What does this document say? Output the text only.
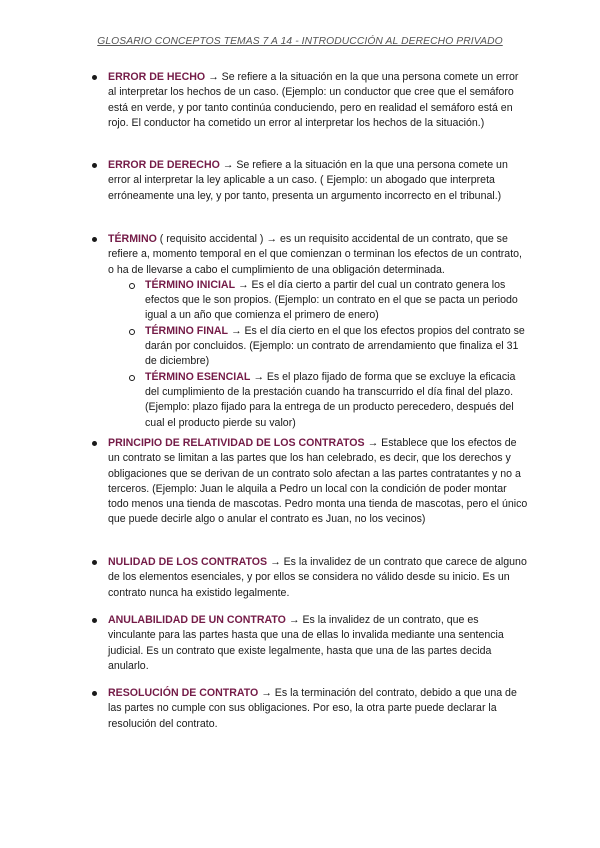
GLOSARIO CONCEPTOS TEMAS 7 A 14 - INTRODUCCIÓN AL DERECHO PRIVADO
ERROR DE HECHO → Se refiere a la situación en la que una persona comete un error al interpretar los hechos de un caso. (Ejemplo: un conductor que cree que el semáforo está en verde, y por tanto continúa conduciendo, pero en realidad el semáforo está en rojo. El conductor ha cometido un error al interpretar los hechos de la situación.)
ERROR DE DERECHO → Se refiere a la situación en la que una persona comete un error al interpretar la ley aplicable a un caso. ( Ejemplo: un abogado que interpreta erróneamente una ley, y por tanto, presenta un argumento incorrecto en el tribunal.)
TÉRMINO ( requisito accidental ) → es un requisito accidental de un contrato, que se refiere a, momento temporal en el que comienzan o terminan los efectos de un contrato, o ha de llevarse a cabo el cumplimiento de una obligación determinada.
TÉRMINO INICIAL → Es el día cierto a partir del cual un contrato genera los efectos que le son propios. (Ejemplo: un contrato en el que se pacta un periodo igual a un año que comienza el primero de enero)
TÉRMINO FINAL → Es el día cierto en el que los efectos propios del contrato se darán por concluidos. (Ejemplo: un contrato de arrendamiento que finaliza el 31 de diciembre)
TÉRMINO ESENCIAL → Es el plazo fijado de forma que se excluye la eficacia del cumplimiento de la prestación cuando ha transcurrido el día final del plazo. (Ejemplo: plazo fijado para la entrega de un producto perecedero, después del cual el producto pierde su valor)
PRINCIPIO DE RELATIVIDAD DE LOS CONTRATOS → Establece que los efectos de un contrato se limitan a las partes que los han celebrado, es decir, que los derechos y obligaciones que se derivan de un contrato solo afectan a las partes contratantes y no a terceros. (Ejemplo: Juan le alquila a Pedro un local con la condición de poder montar todo menos una tienda de mascotas. Pedro monta una tienda de mascotas, pero el único que puede decirle algo o anular el contrato es Juan, no los vecinos)
NULIDAD DE LOS CONTRATOS → Es la invalidez de un contrato que carece de alguno de los elementos esenciales, y por ellos se considera no válido desde su inicio. Es un contrato nunca ha existido legalmente.
ANULABILIDAD DE UN CONTRATO → Es la invalidez de un contrato, que es vinculante para las partes hasta que una de ellas lo invalida mediante una sentencia judicial. Es un contrato que existe legalmente, hasta que una de las partes decida anularlo.
RESOLUCIÓN DE CONTRATO → Es la terminación del contrato, debido a que una de las partes no cumple con sus obligaciones. Por eso, la otra parte puede declarar la resolución del contrato.
